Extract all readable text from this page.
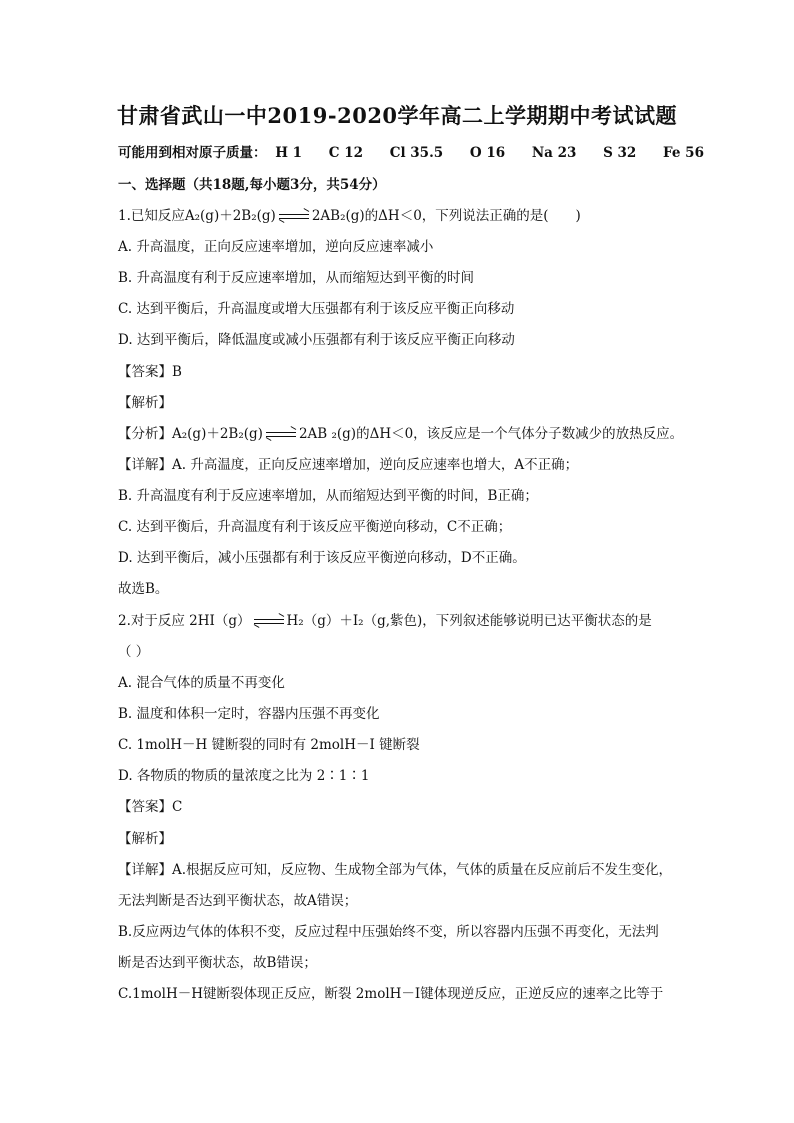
甘肃省武山一中2019-2020学年高二上学期期中考试试题
可能用到相对原子质量： H 1 C 12 Cl 35.5 O 16 Na 23 S 32 Fe 56
一、选择题（共18题,每小题3分，共54分）
1.已知反应A₂(g)＋2B₂(g)	2AB₂(g)的ΔH＜0，下列说法正确的是(　　)
A. 升高温度，正向反应速率增加，逆向反应速率减小
B. 升高温度有利于反应速率增加，从而缩短达到平衡的时间
C. 达到平衡后，升高温度或增大压强都有利于该反应平衡正向移动
D. 达到平衡后，降低温度或减小压强都有利于该反应平衡正向移动
【答案】B
【解析】
【分析】A₂(g)＋2B₂(g)	2AB ₂(g)的ΔH＜0，该反应是一个气体分子数减少的放热反应。
【详解】A. 升高温度，正向反应速率增加，逆向反应速率也增大，A不正确；
B. 升高温度有利于反应速率增加，从而缩短达到平衡的时间，B正确；
C. 达到平衡后，升高温度有利于该反应平衡逆向移动，C不正确；
D. 达到平衡后，减小压强都有利于该反应平衡逆向移动，D不正确。
故选B。
2.对于反应 2HI（g）	H₂（g）＋I₂（g,紫色)，下列叙述能够说明已达平衡状态的是
（ ）
A. 混合气体的质量不再变化
B. 温度和体积一定时，容器内压强不再变化
C. 1molH－H 键断裂的同时有 2molH－I 键断裂
D. 各物质的物质的量浓度之比为 2∶1∶1
【答案】C
【解析】
【详解】A.根据反应可知，反应物、生成物全部为气体，气体的质量在反应前后不发生变化，
无法判断是否达到平衡状态，故A错误；
B.反应两边气体的体积不变，反应过程中压强始终不变，所以容器内压强不再变化，无法判
断是否达到平衡状态，故B错误；
C.1molH－H键断裂体现正反应，断裂 2molH－I键体现逆反应，正逆反应的速率之比等于
